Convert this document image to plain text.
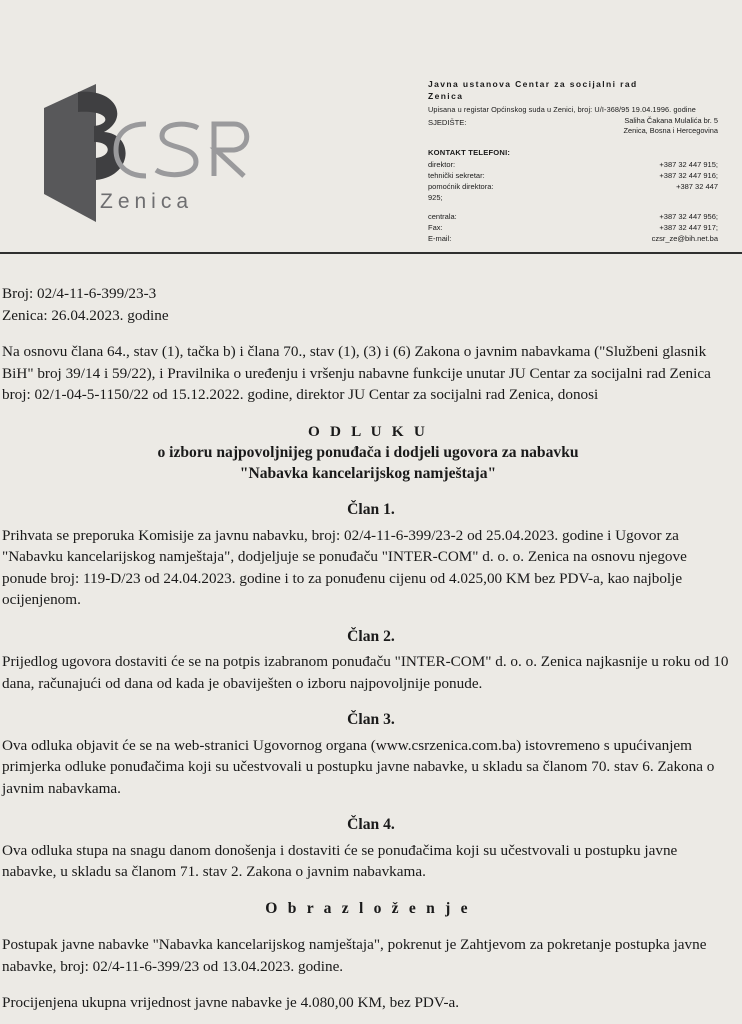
‌ ‌ ‌ ‌ ‌ ‌ ‌ ‌ ‌ ‌ ‌ ‌ ‌ ‌ ‌ ‌ ‌ ‌ ‌ ‌ ‌
Zenica
Javna ustanova Centar za socijalni rad
Zenica
Upisana u registar Općinskog suda u Zenici, broj: U/I-368/95 19.04.1996. godine
SJEDIŠTE:	Saliha Čakana Mulalića br. 5
Zenica, Bosna i Hercegovina
KONTAKT TELEFONI:
direktor:	+387 32 447 915;
tehnički sekretar:	+387 32 447 916;
pomoćnik direktora:	+387 32 447
925;
centrala:	+387 32 447 956;
Fax:	+387 32 447 917;
E-mail:	czsr_ze@bih.net.ba
Broj: 02/4-11-6-399/23-3
Zenica: 26.04.2023. godine
Na osnovu člana 64., stav (1), tačka b) i člana 70., stav (1), (3) i (6) Zakona o javnim nabavkama ("Službeni glasnik BiH" broj 39/14 i 59/22), i Pravilnika o uređenju i vršenju nabavne funkcije unutar JU Centar za socijalni rad Zenica broj: 02/1-04-5-1150/22 od 15.12.2022. godine, direktor JU Centar za socijalni rad Zenica, donosi
O D L U K U
o izboru najpovoljnijeg ponuđača i dodjeli ugovora za nabavku
"Nabavka kancelarijskog namještaja"
Član 1.
Prihvata se preporuka Komisije za javnu nabavku, broj: 02/4-11-6-399/23-2 od 25.04.2023. godine i Ugovor za "Nabavku kancelarijskog namještaja", dodjeljuje se ponuđaču "INTER-COM" d. o. o. Zenica na osnovu njegove ponude broj: 119-D/23 od 24.04.2023. godine i to za ponuđenu cijenu od 4.025,00 KM bez PDV-a, kao najbolje ocijenjenom.
Član 2.
Prijedlog ugovora dostaviti će se na potpis izabranom ponuđaču "INTER-COM" d. o. o. Zenica najkasnije u roku od 10 dana, računajući od dana od kada je obaviješten o izboru najpovoljnije ponude.
Član 3.
Ova odluka objavit će se na web-stranici Ugovornog organa (www.csrzenica.com.ba) istovremeno s upućivanjem primjerka odluke ponuđačima koji su učestvovali u postupku javne nabavke, u skladu sa članom 70. stav 6. Zakona o javnim nabavkama.
Član 4.
Ova odluka stupa na snagu danom donošenja i dostaviti će se ponuđačima koji su učestvovali u postupku javne nabavke, u skladu sa članom 71. stav 2. Zakona o javnim nabavkama.
O b r a z l o ž e n j e
Postupak javne nabavke "Nabavka kancelarijskog namještaja", pokrenut je Zahtjevom za pokretanje postupka javne nabavke, broj: 02/4-11-6-399/23 od 13.04.2023. godine.
Procijenjena ukupna vrijednost javne nabavke je 4.080,00 KM, bez PDV-a.
